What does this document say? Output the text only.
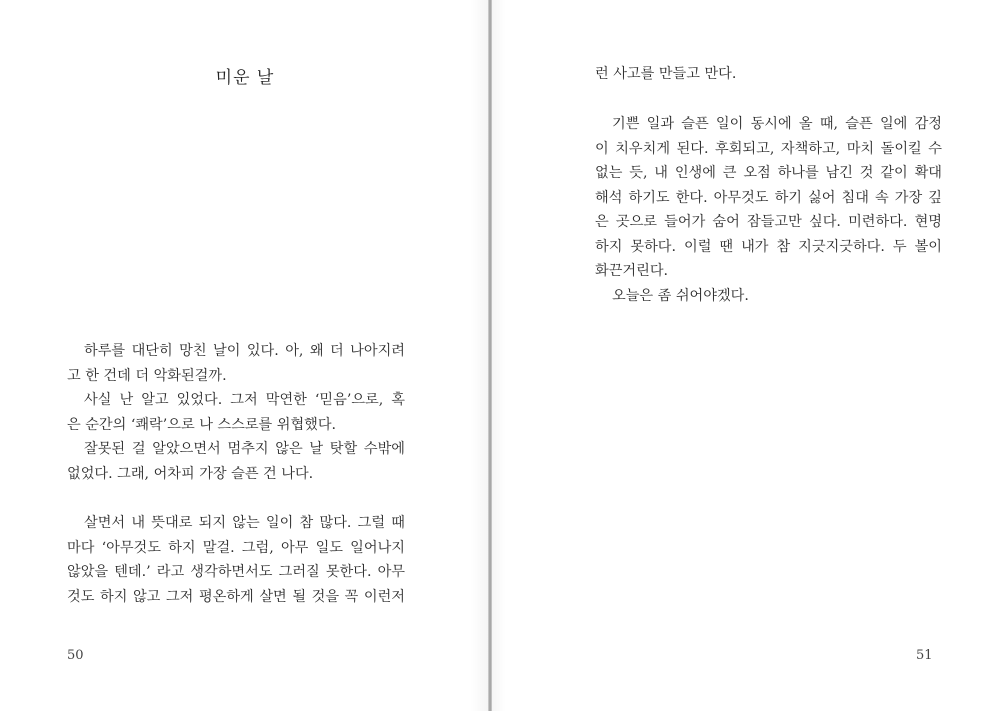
미운 날
하루를 대단히 망친 날이 있다. 아, 왜 더 나아지려
고 한 건데 더 악화된걸까.
사실 난 알고 있었다. 그저 막연한 ‘믿음’으로, 혹
은 순간의 ‘쾌락’으로 나 스스로를 위협했다.
잘못된 걸 알았으면서 멈추지 않은 날 탓할 수밖에
없었다. 그래, 어차피 가장 슬픈 건 나다.
살면서 내 뜻대로 되지 않는 일이 참 많다. 그럴 때
마다 ‘아무것도 하지 말걸. 그럼, 아무 일도 일어나지
않았을 텐데.’ 라고 생각하면서도 그러질 못한다. 아무
것도 하지 않고 그저 평온하게 살면 될 것을 꼭 이런저
50
런 사고를 만들고 만다.
기쁜 일과 슬픈 일이 동시에 올 때, 슬픈 일에 감정
이 치우치게 된다. 후회되고, 자책하고, 마치 돌이킬 수
없는 듯, 내 인생에 큰 오점 하나를 남긴 것 같이 확대
해석 하기도 한다. 아무것도 하기 싫어 침대 속 가장 깊
은 곳으로 들어가 숨어 잠들고만 싶다. 미련하다. 현명
하지 못하다. 이럴 땐 내가 참 지긋지긋하다. 두 볼이
화끈거린다.
오늘은 좀 쉬어야겠다.
51
